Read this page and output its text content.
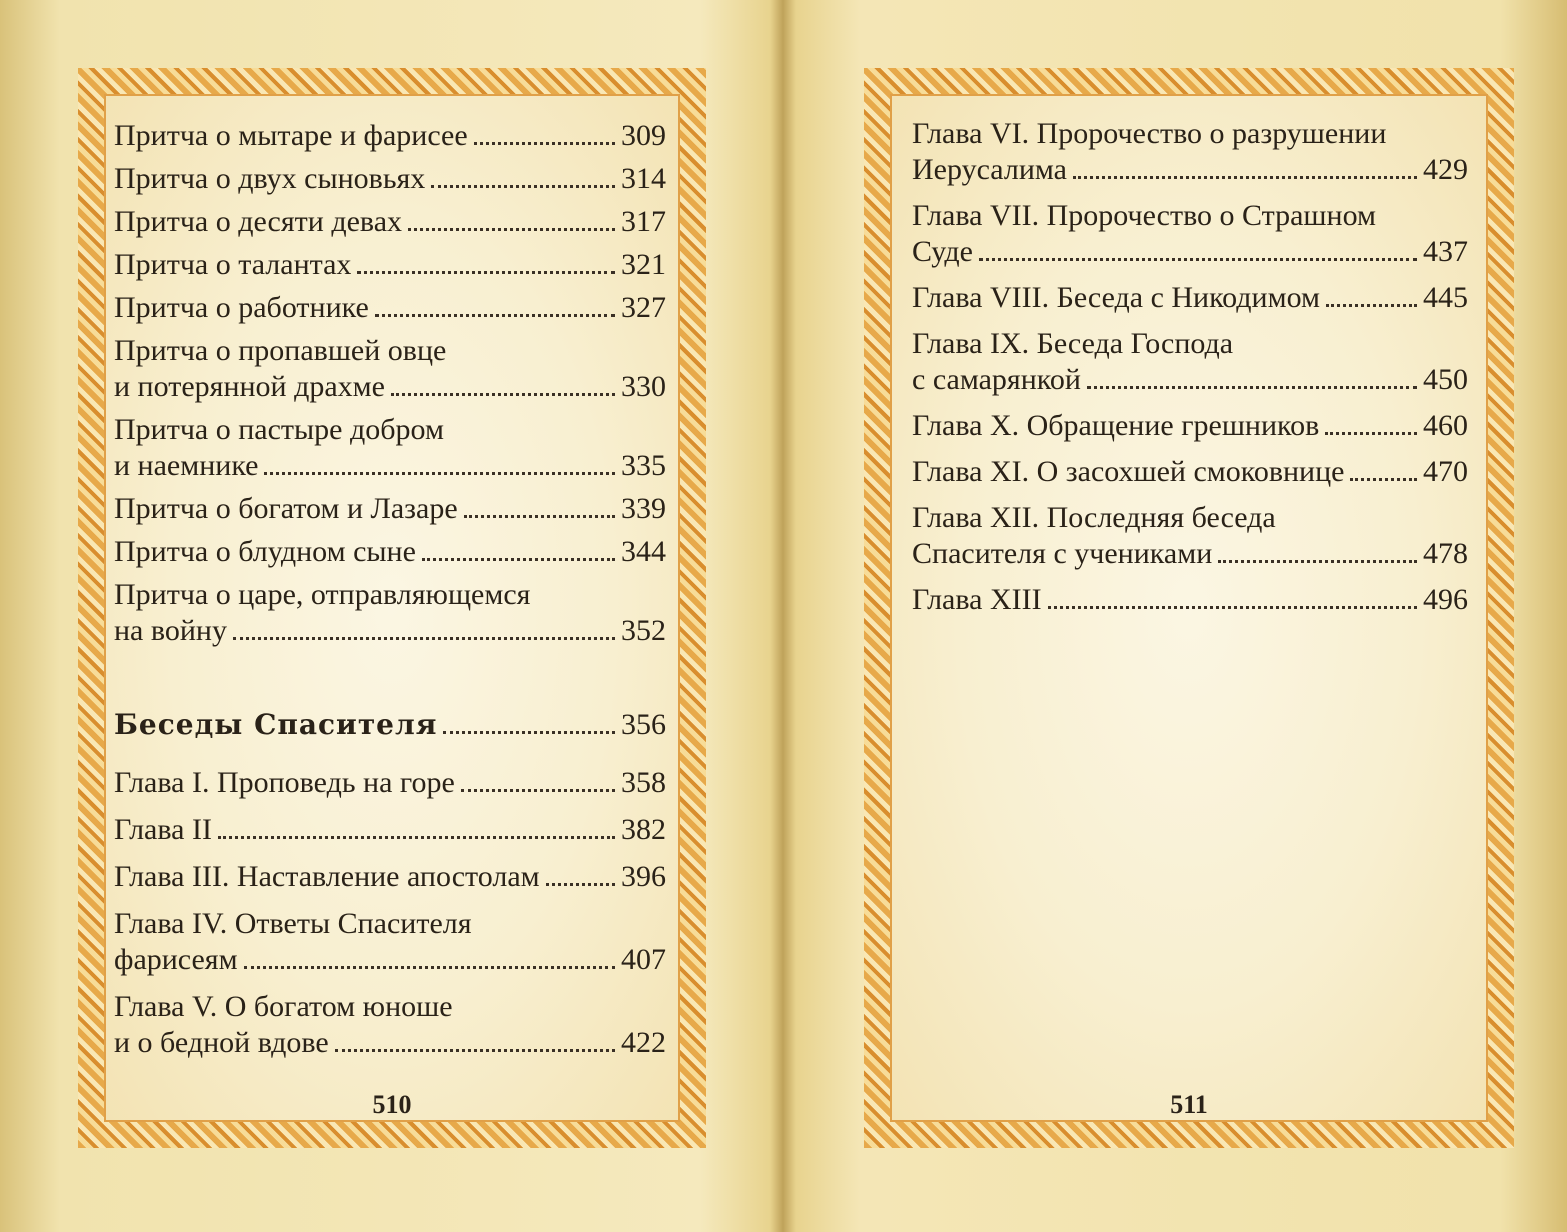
Притча о мытаре и фарисее	309
Притча о двух сыновьях	314
Притча о десяти девах	317
Притча о талантах	321
Притча о работнике	327
Притча о пропавшей овце
и потерянной драхме	330
Притча о пастыре добром
и наемнике	335
Притча о богатом и Лазаре	339
Притча о блудном сыне	344
Притча о царе, отправляющемся
на войну	352
Беседы Спасителя	356
Глава I. Проповедь на горе	358
Глава II	382
Глава III. Наставление апостолам	396
Глава IV. Ответы Спасителя
фарисеям	407
Глава V. О богатом юноше
и о бедной вдове	422
510
Глава VI. Пророчество о разрушении
Иерусалима	429
Глава VII. Пророчество о Страшном
Суде	437
Глава VIII. Беседа с Никодимом	445
Глава IX. Беседа Господа
с самарянкой	450
Глава X. Обращение грешников	460
Глава XI. О засохшей смоковнице	470
Глава XII. Последняя беседа
Спасителя с учениками	478
Глава XIII	496
511
